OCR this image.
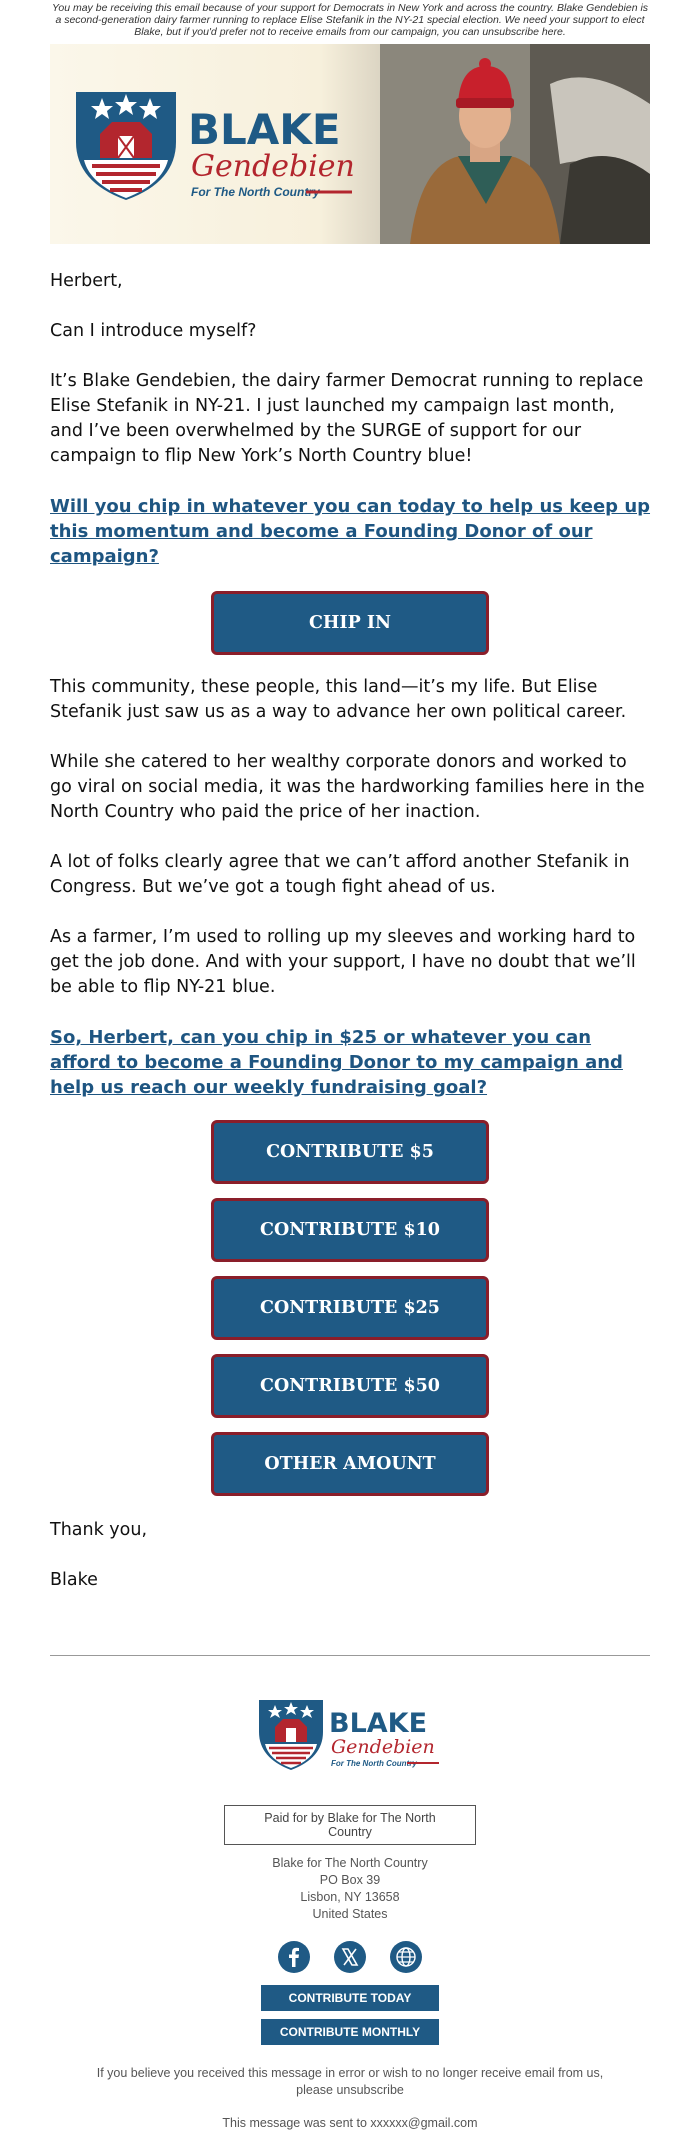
You may be receiving this email because of your support for Democrats in New York and across the country. Blake Gendebien is a second-generation dairy farmer running to replace Elise Stefanik in the NY-21 special election. We need your support to elect Blake, but if you'd prefer not to receive emails from our campaign, you can unsubscribe here.
BLAKE
Gendebien
For The North Country

Herbert,

Can I introduce myself?

It’s Blake Gendebien, the dairy farmer Democrat running to replace Elise Stefanik in NY-21. I just launched my campaign last month, and I’ve been overwhelmed by the SURGE of support for our campaign to flip New York’s North Country blue!

Will you chip in whatever you can today to help us keep up this momentum and become a Founding Donor of our campaign?
CHIP IN

This community, these people, this land—it’s my life. But Elise Stefanik just saw us as a way to advance her own political career.

While she catered to her wealthy corporate donors and worked to go viral on social media, it was the hardworking families here in the North Country who paid the price of her inaction.

A lot of folks clearly agree that we can’t afford another Stefanik in Congress. But we’ve got a tough fight ahead of us.

As a farmer, I’m used to rolling up my sleeves and working hard to get the job done. And with your support, I have no doubt that we’ll be able to flip NY-21 blue.

So, Herbert, can you chip in $25 or whatever you can afford to become a Founding Donor to my campaign and help us reach our weekly fundraising goal?
CONTRIBUTE $5
CONTRIBUTE $10
CONTRIBUTE $25
CONTRIBUTE $50
OTHER AMOUNT

Thank you,

Blake

BLAKE
Gendebien
For The North Country
Paid for by Blake for The North Country
Blake for The North Country
PO Box 39
Lisbon, NY 13658
United States
CONTRIBUTE TODAY
CONTRIBUTE MONTHLY
If you believe you received this message in error or wish to no longer receive email from us, please unsubscribe
This message was sent to xxxxxx@gmail.com
